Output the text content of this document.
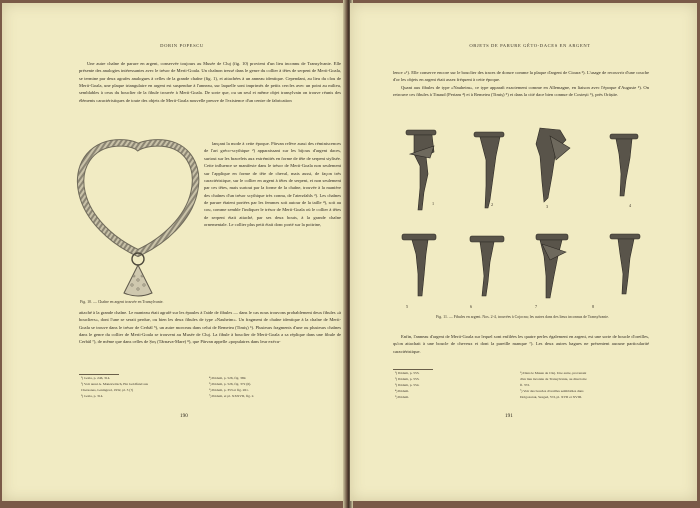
DORIN POPESCU

Une autre chaîne de parure en argent, conservée toujours au Musée de Cluj (fig. 10) provient d'un lieu inconnu de Transylvanie. Elle présente des analogies intéressantes avec le trésor de Merii-Goala. Un chaînon tressé dans le genre du collier à têtes de serpent de Merii-Goala, se termine par deux agrafes analogues à celles de la grande chaîne (fig. 1), et attachées à un anneau identique. Cependant, au lieu du clou de Merii-Goala, une plaque triangulaire en argent est suspendue à l'anneau, sur laquelle sont imprimés de petits cercles avec un point au milieu, semblables à ceux du bouclier de la fibule trouvée à Merii-Goala. De sorte que, ou un seul et même objet transylvain on trouve réunis des éléments caractéristiques de toute des objets de Merii-Goala nouvelle preuve de l'existence d'un centre de fabrication

lançant la mode à cette époque. Pârvan relève aussi des réminiscences de l'art gréco-scythique ²) apparaissant sur les bijoux d'argent daces, surtout sur les bracelets aux extrémités en forme de tête de serpent stylisée. Cette influence se manifeste dans le trésor de Merii-Goala non seulement sur l'applique en forme de tête de cheval, mais aussi, de façon très caractéristique, sur le collier en argent à têtes de serpent, et non seulement par ces têtes, mais surtout par la forme de la chaîne, trouvée à la manière des chaînes d'un trésor scythique très connu, de l'aterzfahls ³). Les chaînes de parure étaient portées par les femmes soit autour de la taille ⁴), soit au cou, comme semble l'indiquer le trésor de Merii-Goala où le collier à têtes de serpent était attaché, par ses deux bouts, à la grande chaîne ornementale. Le collier plus petit était donc porté sur la poitrine,

Fig. 10. — Chaîne en argent trouvée en Transylvanie.

attaché à la grande chaîne. Le manteau était agrafé sur les épaules à l'aide de fibules — dans le cas nous trouvons probablement deux fibules «à boucliers», dont l'une se serait perdue, ou bien les deux fibules de type «Nauheim». Un fragment de chaîne identique à la chaîne de Merii-Goala se trouve dans le trésor de Cerbăl ⁵), un autre morceau dans celui de Remetea (Timiș) ⁶). Plusieurs fragments d'une ou plusieurs chaînes dans le genre du collier de Merii-Goala se trouvent au Musée de Cluj. La fibule à bouclier de Merii-Goala a sa réplique dans une fibule de Cerbăl ⁷), de même que dans celles de Șoș (Târnava-Mare) ⁸), que Pârvan appelle «populaires dans leur exécu-

¹) Gotia, p. 246, 314.
²) Voir aussi A. Manzewitsch, Ein Goldfund aus
Chersones, Leningrad, 1932, pl. 3 (?)
³) Gotia, p. 314.
⁴) Ibidem, p. 526, fig. 369.
⁵) Ibidem, p. 526, fig. 372 (6).
⁶) Ibidem, p. 353 et fig. 261.
⁷) Ibidem, et pl. XXXVII, fig. 2.
190
OBJETS DE PARURE GÉTO-DACES EN ARGENT

lence »¹). Elle conserve encore sur le bouclier des traces de dorure comme la plaque d'argent de Cioara ²). L'usage de recouvrir d'une couche d'or les objets en argent était assez fréquent à cette époque.

Quant aux fibules de type «Nauheim», ce type apparaît exactement comme en Allemagne, en liaison avec l'époque d'Auguste ³). On retrouve ces fibules à Tinaud (Periam ⁴) et à Remetea (Timiș) ⁵) et dans la cité dace bien connue de Costești ⁶), près Orăștie.

1	2	3	4
5	6	7	8
Fig. 11. — Fibules en argent. Nos. 2-4, trouvées à Cojocna; les autres dans des lieux inconnus de Transylvanie.

Enfin, l'anneau d'argent de Merii-Goala sur lequel sont enfilées les quatre perles également en argent, est une sorte de boucle d'oreilles, qu'on attachait à une boucle de cheveux et dont la pareille manque ⁷). Les deux autres bagues ne présentent aucune particularité caractéristique.

¹) Ibidem, p. 553.
²) Ibidem, p. 553.
³) Ibidem, p. 554.
⁴) Ibidem.
⁵) Ibidem.
⁶) Dans le Musée de Cluj. Une autre, provenant
d'un lieu inconnu de Transylvanie, au directoire
fl. 372.
⁷) Voir des boucles d'oreilles semblables dans
Dolgozatok, Szeged, VII, pl. XVII et XVIII.
191
